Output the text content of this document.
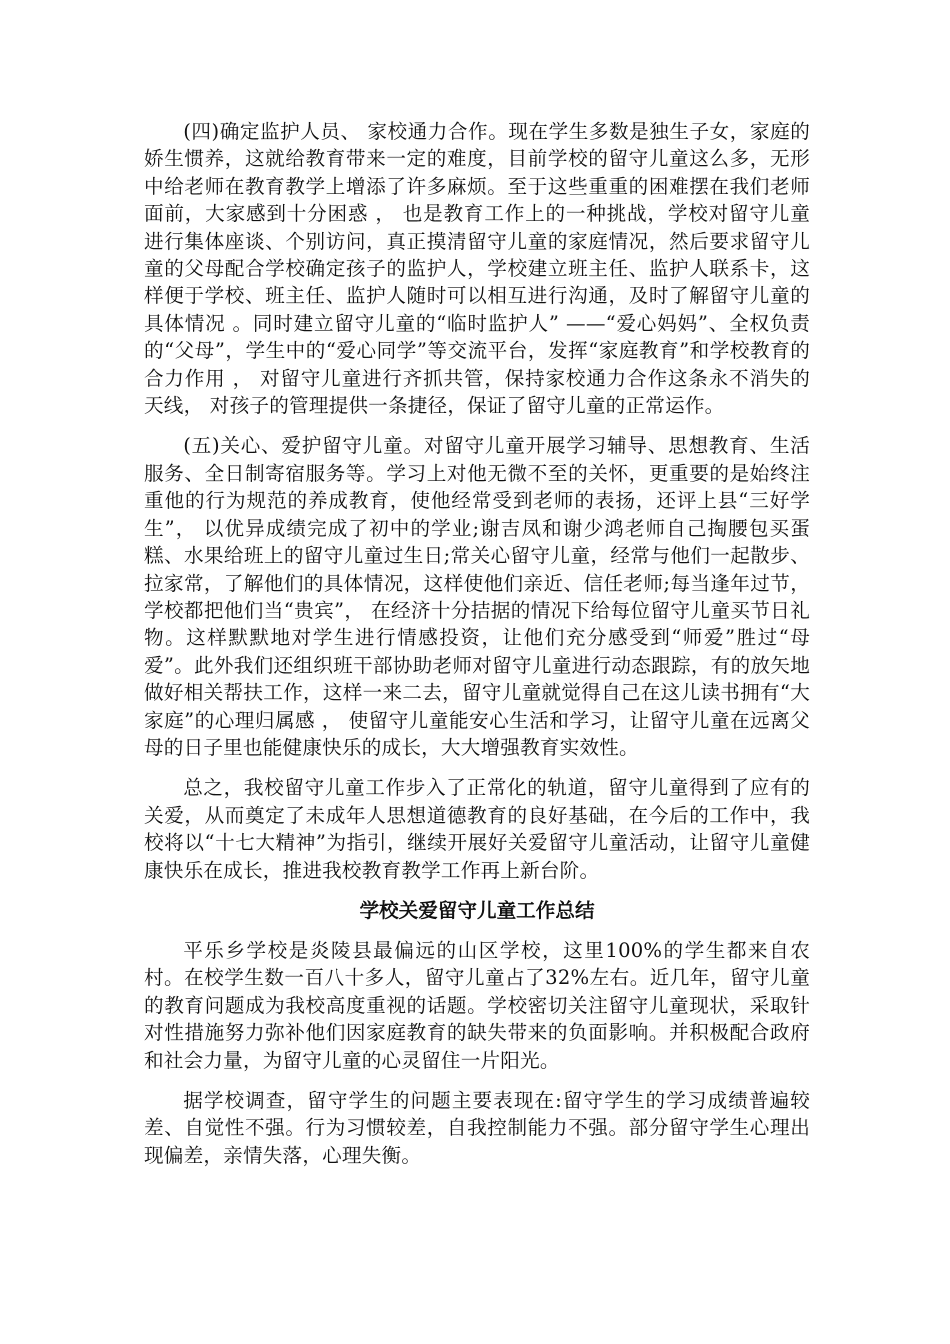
(四)确定监护人员、 家校通力合作。现在学生多数是独生子女，家庭的娇生惯养，这就给教育带来一定的难度，目前学校的留守儿童这么多，无形中给老师在教育教学上增添了许多麻烦。至于这些重重的困难摆在我们老师面前，大家感到十分困惑 ， 也是教育工作上的一种挑战，学校对留守儿童进行集体座谈、个别访问，真正摸清留守儿童的家庭情况，然后要求留守儿童的父母配合学校确定孩子的监护人，学校建立班主任、监护人联系卡，这样便于学校、班主任、监护人随时可以相互进行沟通，及时了解留守儿童的具体情况 。同时建立留守儿童的“临时监护人” ——“爱心妈妈”、全权负责的“父母”，学生中的“爱心同学”等交流平台，发挥“家庭教育”和学校教育的合力作用 ， 对留守儿童进行齐抓共管，保持家校通力合作这条永不消失的天线， 对孩子的管理提供一条捷径，保证了留守儿童的正常运作。

(五)关心、爱护留守儿童。对留守儿童开展学习辅导、思想教育、生活服务、全日制寄宿服务等。学习上对他无微不至的关怀，更重要的是始终注重他的行为规范的养成教育，使他经常受到老师的表扬，还评上县“三好学生”， 以优异成绩完成了初中的学业;谢吉凤和谢少鸿老师自己掏腰包买蛋糕、水果给班上的留守儿童过生日;常关心留守儿童，经常与他们一起散步、拉家常，了解他们的具体情况，这样使他们亲近、信任老师;每当逢年过节，学校都把他们当“贵宾”， 在经济十分拮据的情况下给每位留守儿童买节日礼物。这样默默地对学生进行情感投资，让他们充分感受到“师爱”胜过“母爱”。此外我们还组织班干部协助老师对留守儿童进行动态跟踪，有的放矢地做好相关帮扶工作，这样一来二去，留守儿童就觉得自己在这儿读书拥有“大家庭”的心理归属感 ， 使留守儿童能安心生活和学习，让留守儿童在远离父母的日子里也能健康快乐的成长，大大增强教育实效性。

总之，我校留守儿童工作步入了正常化的轨道，留守儿童得到了应有的关爱，从而奠定了未成年人思想道德教育的良好基础，在今后的工作中，我校将以“十七大精神”为指引，继续开展好关爱留守儿童活动，让留守儿童健康快乐在成长，推进我校教育教学工作再上新台阶。

学校关爱留守儿童工作总结

平乐乡学校是炎陵县最偏远的山区学校，这里100%的学生都来自农村。在校学生数一百八十多人，留守儿童占了32%左右。近几年，留守儿童的教育问题成为我校高度重视的话题。学校密切关注留守儿童现状，采取针对性措施努力弥补他们因家庭教育的缺失带来的负面影响。并积极配合政府和社会力量，为留守儿童的心灵留住一片阳光。

据学校调查，留守学生的问题主要表现在:留守学生的学习成绩普遍较差、自觉性不强。行为习惯较差，自我控制能力不强。部分留守学生心理出现偏差，亲情失落，心理失衡。
